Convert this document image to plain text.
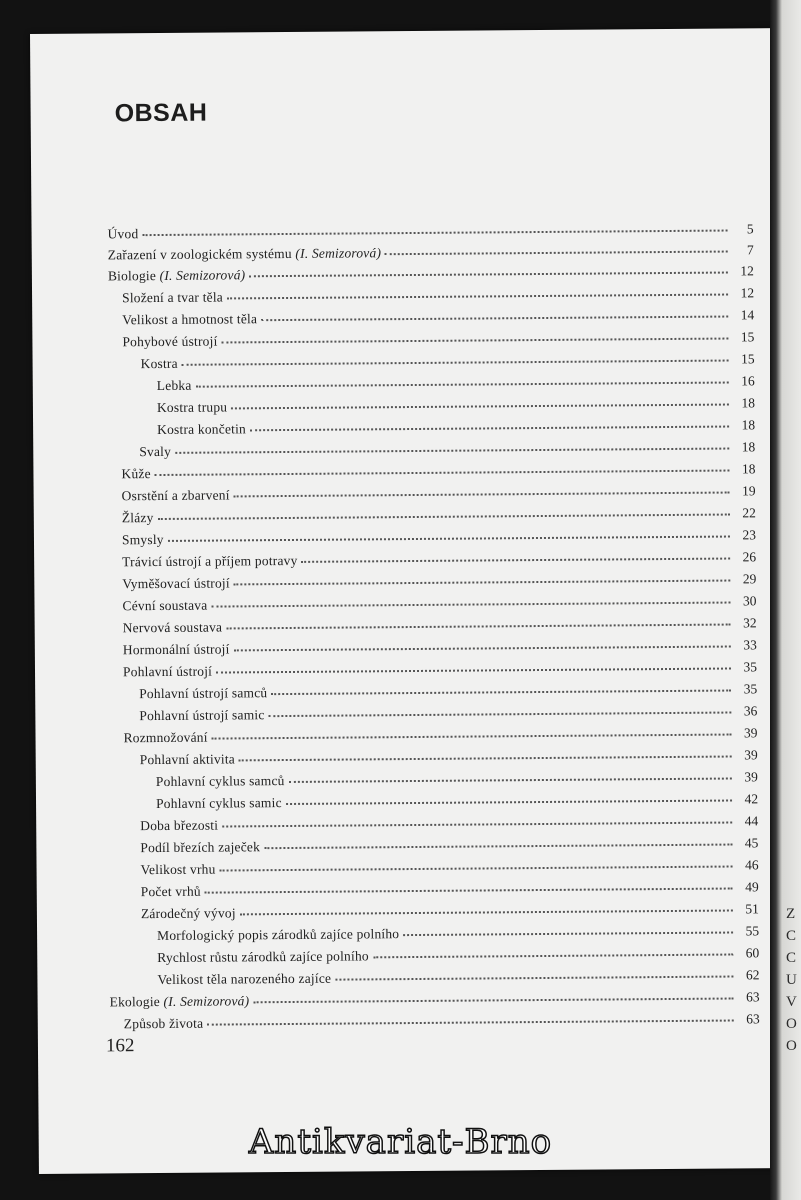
OBSAH
Úvod	5
Zařazení v zoologickém systému (I. Semizorová)	7
Biologie (I. Semizorová)	12
Složení a tvar těla	12
Velikost a hmotnost těla	14
Pohybové ústrojí	15
Kostra	15
Lebka	16
Kostra trupu	18
Kostra končetin	18
Svaly	18
Kůže	18
Osrstění a zbarvení	19
Žlázy	22
Smysly	23
Trávicí ústrojí a příjem potravy	26
Vyměšovací ústrojí	29
Cévní soustava	30
Nervová soustava	32
Hormonální ústrojí	33
Pohlavní ústrojí	35
Pohlavní ústrojí samců	35
Pohlavní ústrojí samic	36
Rozmnožování	39
Pohlavní aktivita	39
Pohlavní cyklus samců	39
Pohlavní cyklus samic	42
Doba březosti	44
Podíl březích zaječek	45
Velikost vrhu	46
Počet vrhů	49
Zárodečný vývoj	51
Morfologický popis zárodků zajíce polního	55
Rychlost růstu zárodků zajíce polního	60
Velikost těla narozeného zajíce	62
Ekologie (I. Semizorová)	63
Způsob života	63
162
Z
C
C
U
V
O
O
Antikvariat-Brno
